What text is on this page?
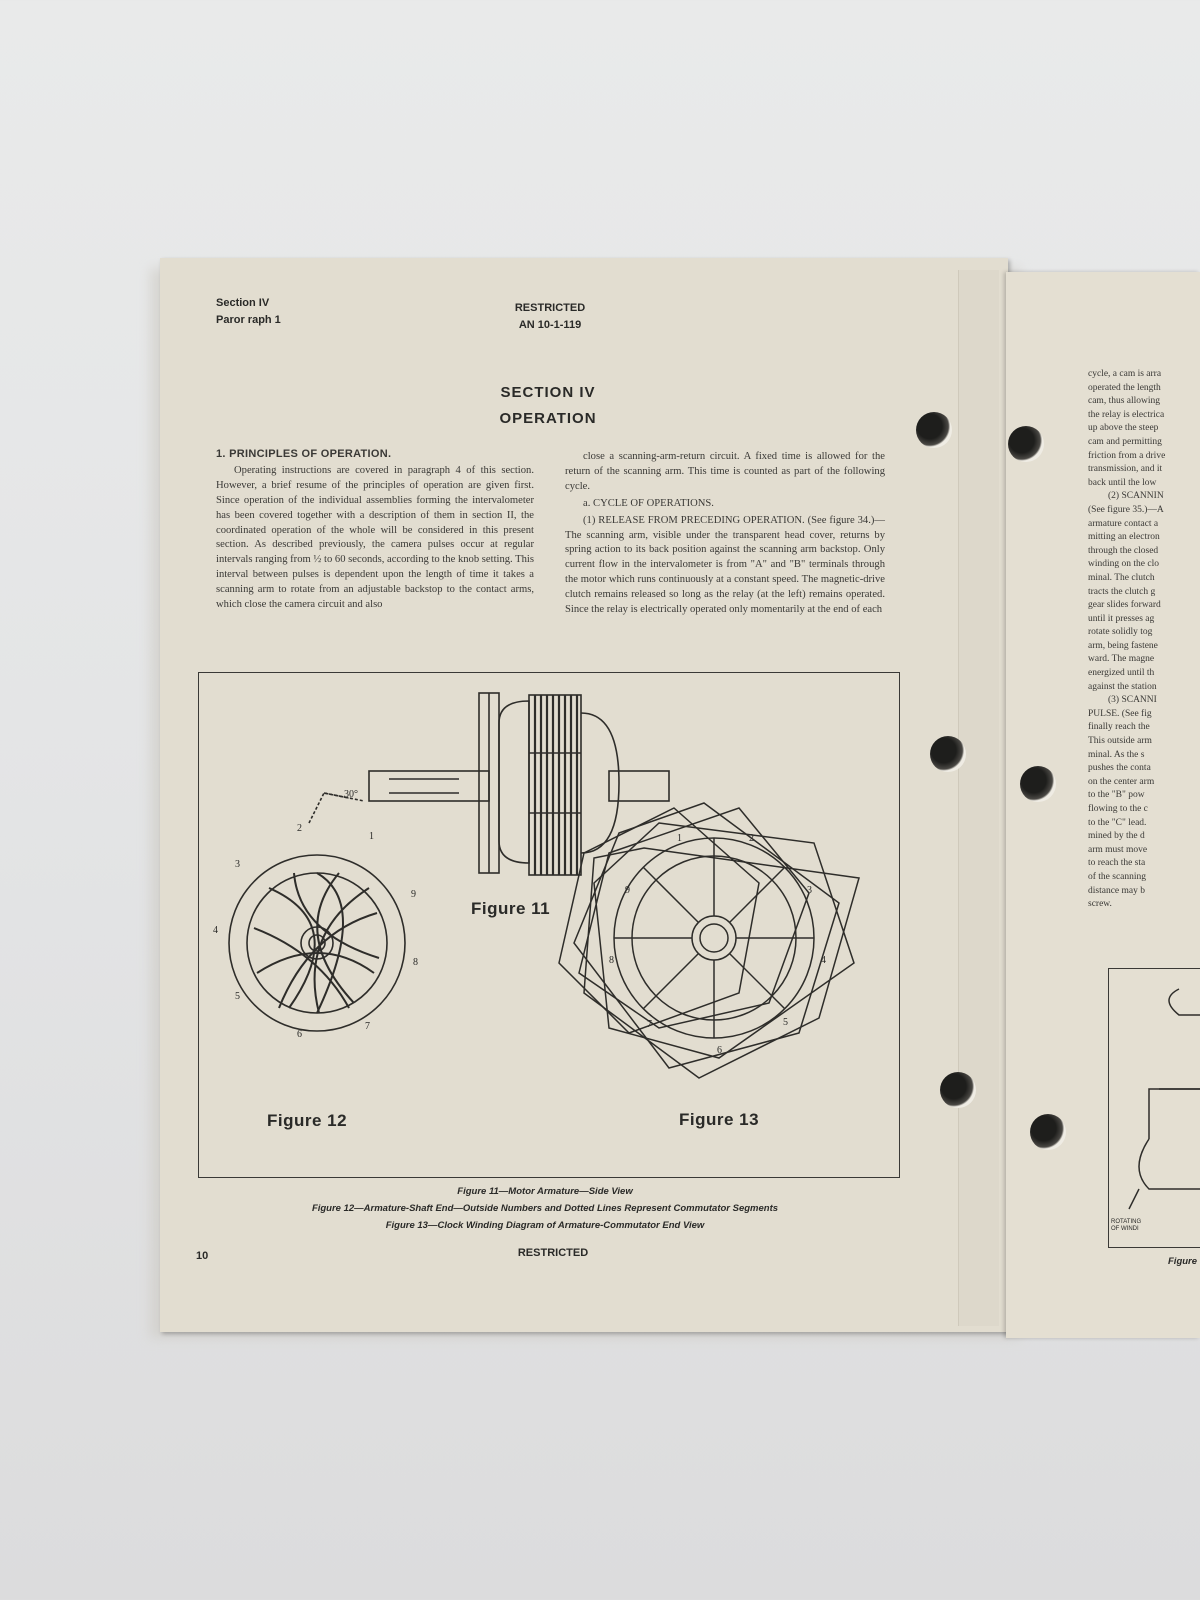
Section IV
Paror raph 1
RESTRICTED
AN 10-1-119
SECTION IV
OPERATION
1. PRINCIPLES OF OPERATION.

Operating instructions are covered in paragraph 4 of this section. However, a brief resume of the principles of operation are given first. Since operation of the individual assemblies forming the intervalometer has been covered together with a description of them in section II, the coordinated operation of the whole will be considered in this present section. As described previously, the camera pulses occur at regular intervals ranging from ½ to 60 seconds, according to the knob setting. This interval between pulses is dependent upon the length of time it takes a scanning arm to rotate from an adjustable backstop to the contact arms, which close the camera circuit and also

close a scanning-arm-return circuit. A fixed time is allowed for the return of the scanning arm. This time is counted as part of the following cycle.

a. CYCLE OF OPERATIONS.

(1) RELEASE FROM PRECEDING OPERATION. (See figure 34.)—The scanning arm, visible under the transparent head cover, returns by spring action to its back position against the scanning arm backstop. Only current flow in the intervalometer is from "A" and "B" terminals through the motor which runs continuously at a constant speed. The magnetic-drive clutch remains released so long as the relay (at the left) remains operated. Since the relay is electrically operated only momentarily at the end of each

Figure 11
Figure 12	Figure 13
30°
1
2
3
4
5
6
7
8
9
1	2
3
4
5
6
7
8
9
Figure 11—Motor Armature—Side View
Figure 12—Armature-Shaft End—Outside Numbers and Dotted Lines Represent Commutator Segments
Figure 13—Clock Winding Diagram of Armature-Commutator End View
10	RESTRICTED
cycle, a cam is arra
operated the length
cam, thus allowing
the relay is electrica
up above the steep
cam and permitting
friction from a drive
transmission, and it
back until the low
(2) SCANNIN
(See figure 35.)—A
armature contact a
mitting an electron
through the closed
winding on the clo
minal. The clutch
tracts the clutch g
gear slides forward
until it presses ag
rotate solidly tog
arm, being fastene
ward. The magne
energized until th
against the station
(3) SCANNI
PULSE. (See fig
finally reach the
This outside arm
minal. As the s
pushes the conta
on the center arm
to the "B" pow
flowing to the c
to the "C" lead.
mined by the d
arm must move
to reach the sta
of the scanning
distance may b
screw.
ROTATING
OF WINDI
Figure
